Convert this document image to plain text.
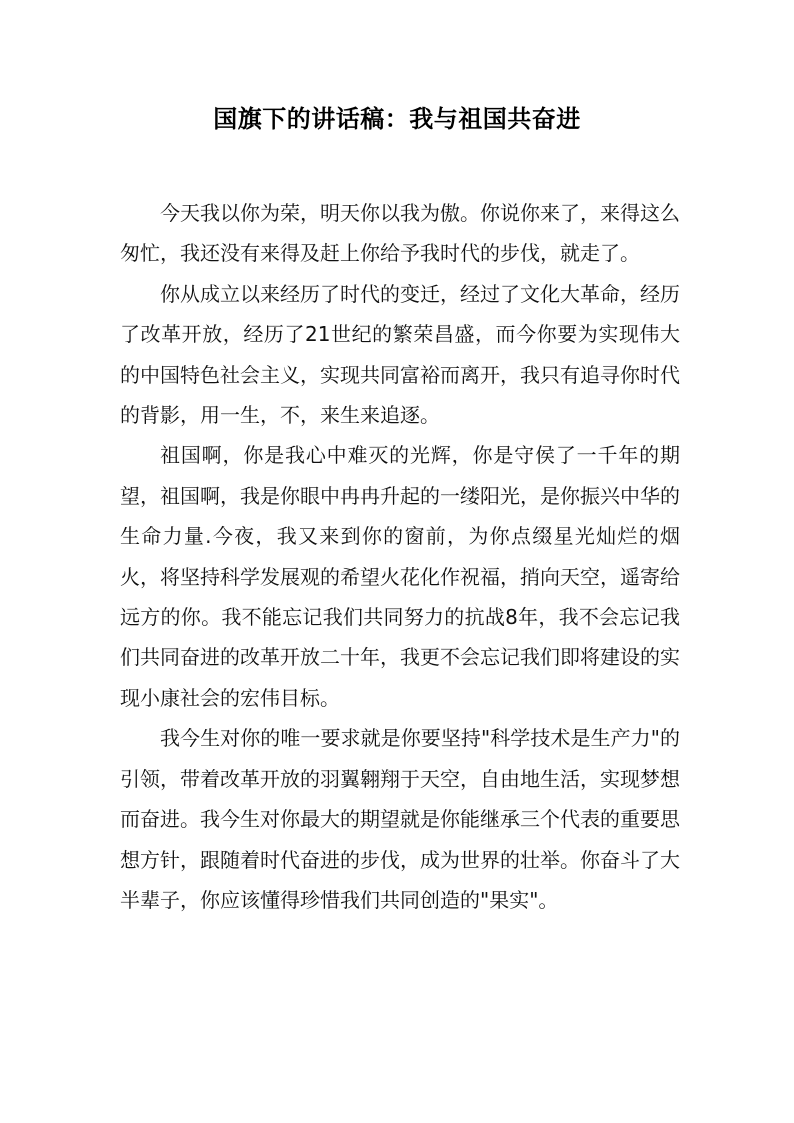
国旗下的讲话稿：我与祖国共奋进

今天我以你为荣，明天你以我为傲。你说你来了，来得这么匆忙，我还没有来得及赶上你给予我时代的步伐，就走了。

你从成立以来经历了时代的变迁，经过了文化大革命，经历了改革开放，经历了21世纪的繁荣昌盛，而今你要为实现伟大的中国特色社会主义，实现共同富裕而离开，我只有追寻你时代的背影，用一生，不，来生来追逐。

祖国啊，你是我心中难灭的光辉，你是守侯了一千年的期望，祖国啊，我是你眼中冉冉升起的一缕阳光，是你振兴中华的生命力量.今夜，我又来到你的窗前，为你点缀星光灿烂的烟火，将坚持科学发展观的希望火花化作祝福，捎向天空，遥寄给远方的你。我不能忘记我们共同努力的抗战8年，我不会忘记我们共同奋进的改革开放二十年，我更不会忘记我们即将建设的实现小康社会的宏伟目标。

我今生对你的唯一要求就是你要坚持"科学技术是生产力"的引领，带着改革开放的羽翼翱翔于天空，自由地生活，实现梦想而奋进。我今生对你最大的期望就是你能继承三个代表的重要思想方针，跟随着时代奋进的步伐，成为世界的壮举。你奋斗了大半辈子，你应该懂得珍惜我们共同创造的"果实"。
